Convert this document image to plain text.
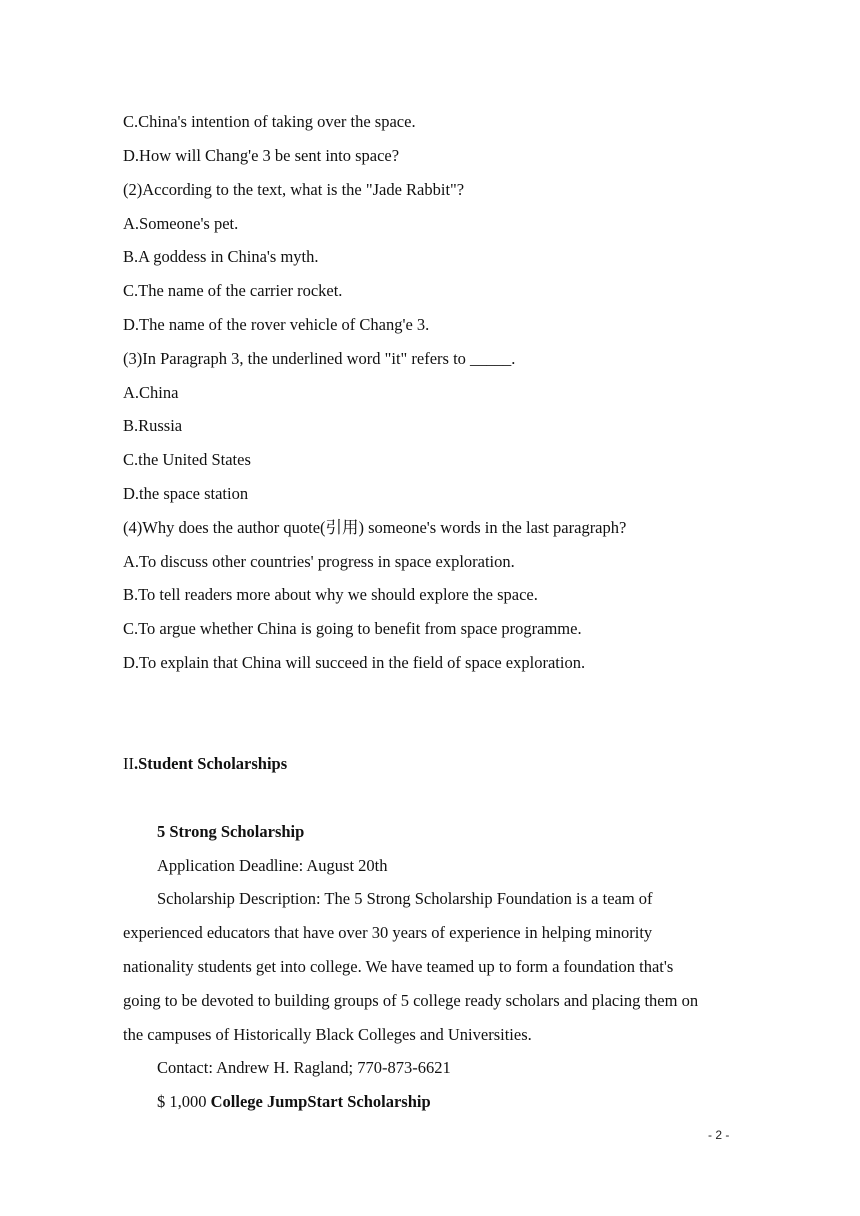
C.China's intention of taking over the space.
D.How will Chang'e 3 be sent into space?
(2)According to the text, what is the "Jade Rabbit"?
A.Someone's pet.
B.A goddess in China's myth.
C.The name of the carrier rocket.
D.The name of the rover vehicle of Chang'e 3.
(3)In Paragraph 3, the underlined word "it" refers to _____.
A.China
B.Russia
C.the United States
D.the space station
(4)Why does the author quote(引用) someone's words in the last paragraph?
A.To discuss other countries' progress in space exploration.
B.To tell readers more about why we should explore the space.
C.To argue whether China is going to benefit from space programme.
D.To explain that China will succeed in the field of space exploration.
II.Student Scholarships
5 Strong Scholarship
Application Deadline: August 20th
Scholarship Description: The 5 Strong Scholarship Foundation is a team of
experienced educators that have over 30 years of experience in helping minority
nationality students get into college. We have teamed up to form a foundation that's
going to be devoted to building groups of 5 college ready scholars and placing them on
the campuses of Historically Black Colleges and Universities.
Contact: Andrew H. Ragland; 770-873-6621
$ 1,000 College JumpStart Scholarship
- 2 -
